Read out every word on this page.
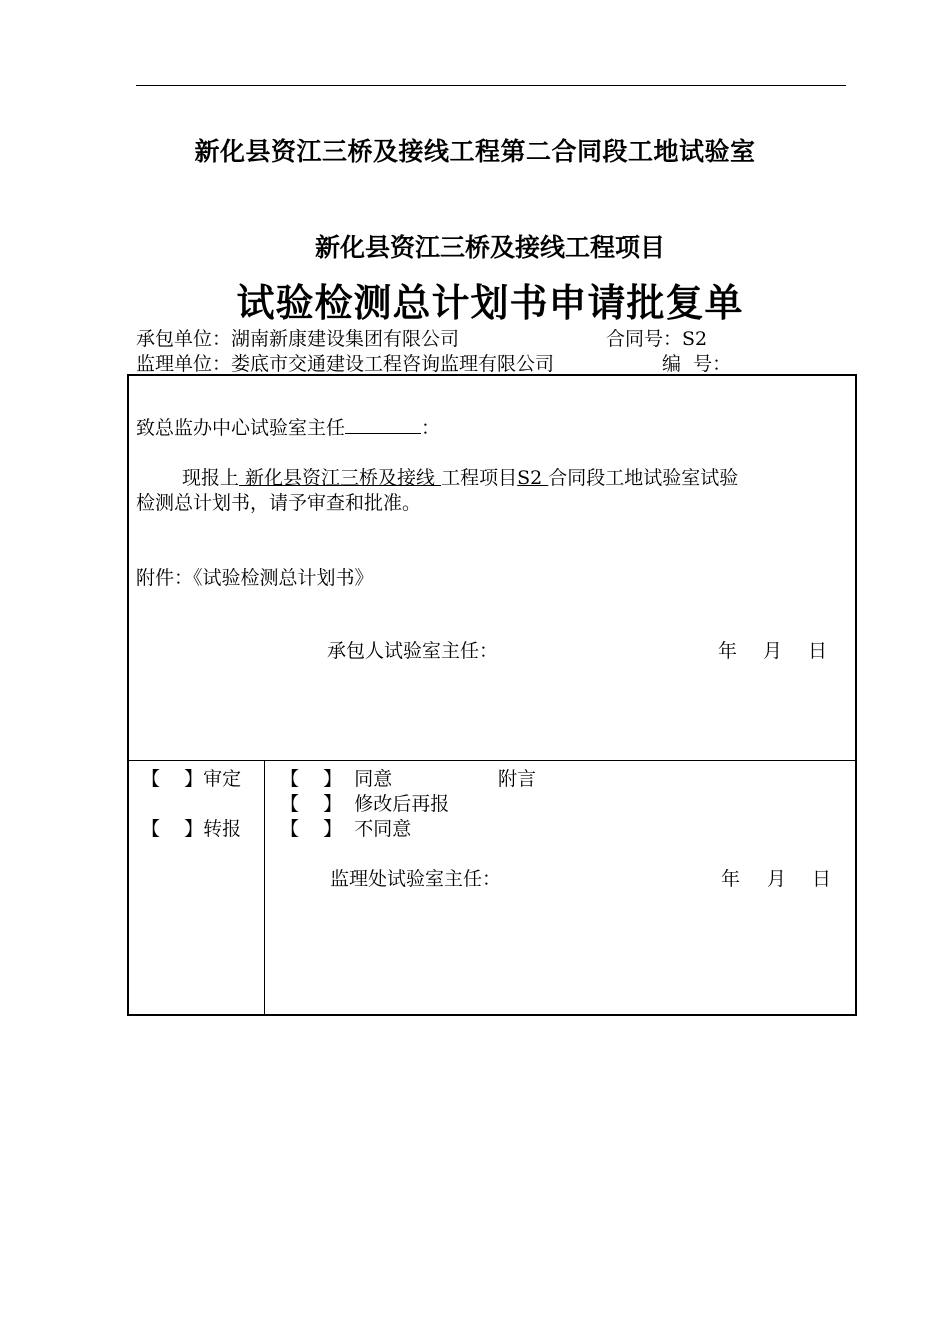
新化县资江三桥及接线工程第二合同段工地试验室
新化县资江三桥及接线工程项目
试验检测总计划书申请批复单
承包单位：湖南新康建设集团有限公司	合同号：S2
监理单位：娄底市交通建设工程咨询监理有限公司	编  号：
致总监办中心试验室主任	：
现报上 新化县资江三桥及接线 工程项目S2 合同段工地试验室试验
检测总计划书，请予审查和批准。
附件：《试验检测总计划书》
承包人试验室主任：	年 月 日
【    】审定
【    】转报
【    】  同意	附言
【    】  修改后再报
【    】  不同意
监理处试验室主任：	年 月 日
